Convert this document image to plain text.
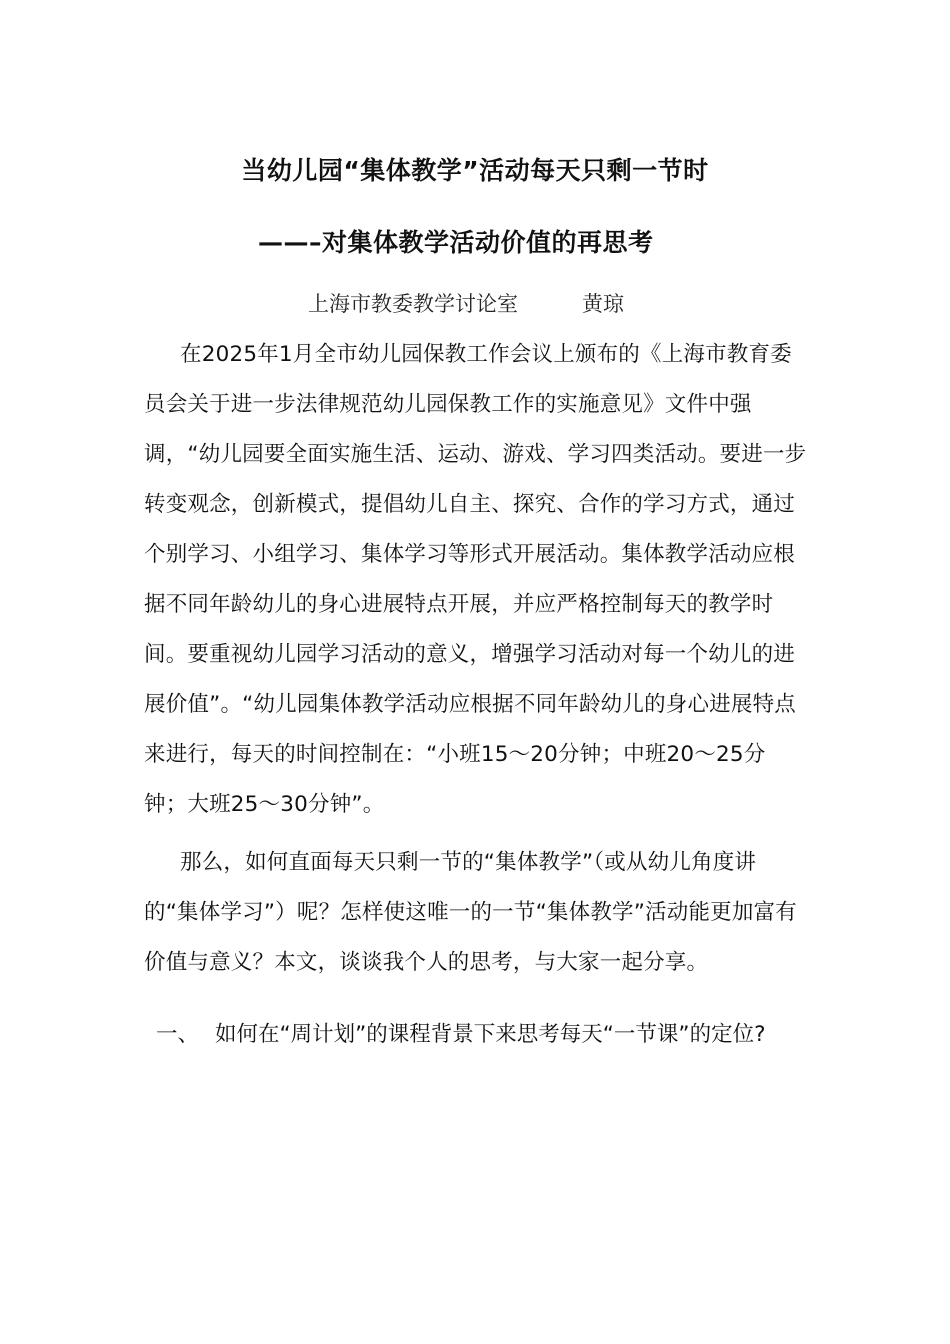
当幼儿园“集体教学”活动每天只剩一节时
——–对集体教学活动价值的再思考
上海市教委教学讨论室	黄琼

在2025年1月全市幼儿园保教工作会议上颁布的《上海市教育委员会关于进一步法律规范幼儿园保教工作的实施意见》文件中强调，“幼儿园要全面实施生活、运动、游戏、学习四类活动。要进一步转变观念，创新模式，提倡幼儿自主、探究、合作的学习方式，通过个别学习、小组学习、集体学习等形式开展活动。集体教学活动应根据不同年龄幼儿的身心进展特点开展，并应严格控制每天的教学时间。要重视幼儿园学习活动的意义，增强学习活动对每一个幼儿的进展价值”。“幼儿园集体教学活动应根据不同年龄幼儿的身心进展特点来进行，每天的时间控制在：“小班15～20分钟；中班20～25分钟；大班25～30分钟”。

那么，如何直面每天只剩一节的“集体教学”（或从幼儿角度讲的“集体学习”）呢？怎样使这唯一的一节“集体教学”活动能更加富有价值与意义？本文，谈谈我个人的思考，与大家一起分享。

一、 如何在“周计划”的课程背景下来思考每天“一节课”的定位?
